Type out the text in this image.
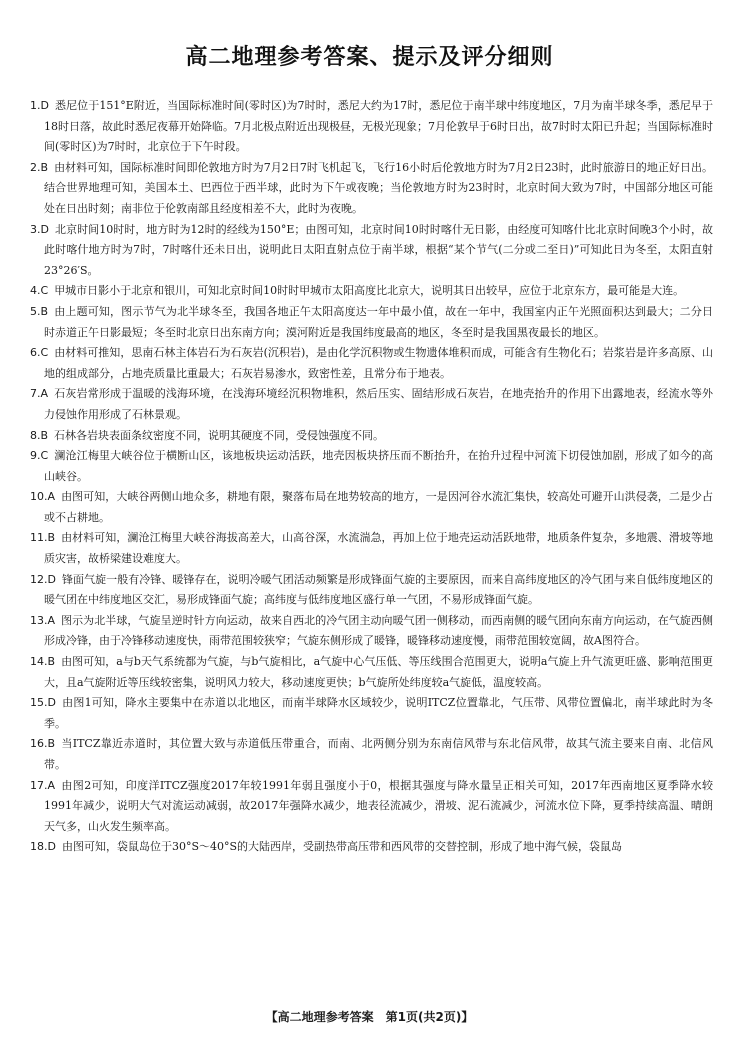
高二地理参考答案、提示及评分细则

1.D 悉尼位于151°E附近，当国际标准时间(零时区)为7时时，悉尼大约为17时，悉尼位于南半球中纬度地区，7月为南半球冬季，悉尼早于18时日落，故此时悉尼夜幕开始降临。7月北极点附近出现极昼，无极光现象；7月伦敦早于6时日出，故7时时太阳已升起；当国际标准时间(零时区)为7时时，北京位于下午时段。

2.B 由材料可知，国际标准时间即伦敦地方时为7月2日7时飞机起飞，飞行16小时后伦敦地方时为7月2日23时，此时旅游日的地正好日出。结合世界地理可知，美国本土、巴西位于西半球，此时为下午或夜晚；当伦敦地方时为23时时，北京时间大致为7时，中国部分地区可能处在日出时刻；南非位于伦敦南部且经度相差不大，此时为夜晚。

3.D 北京时间10时时，地方时为12时的经线为150°E；由图可知，北京时间10时时喀什无日影，由经度可知喀什比北京时间晚3个小时，故此时喀什地方时为7时，7时喀什还未日出，说明此日太阳直射点位于南半球，根据“某个节气(二分或二至日)”可知此日为冬至，太阳直射23°26′S。

4.C 甲城市日影小于北京和银川，可知北京时间10时时甲城市太阳高度比北京大，说明其日出较早，应位于北京东方，最可能是大连。

5.B 由上题可知，图示节气为北半球冬至，我国各地正午太阳高度达一年中最小值，故在一年中，我国室内正午光照面积达到最大；二分日时赤道正午日影最短；冬至时北京日出东南方向；漠河附近是我国纬度最高的地区，冬至时是我国黑夜最长的地区。

6.C 由材料可推知，思南石林主体岩石为石灰岩(沉积岩)，是由化学沉积物或生物遗体堆积而成，可能含有生物化石；岩浆岩是许多高原、山地的组成部分，占地壳质量比重最大；石灰岩易渗水，致密性差，且常分布于地表。

7.A 石灰岩常形成于温暖的浅海环境，在浅海环境经沉积物堆积，然后压实、固结形成石灰岩，在地壳抬升的作用下出露地表，经流水等外力侵蚀作用形成了石林景观。

8.B 石林各岩块表面条纹密度不同，说明其硬度不同，受侵蚀强度不同。

9.C 澜沧江梅里大峡谷位于横断山区，该地板块运动活跃，地壳因板块挤压而不断抬升，在抬升过程中河流下切侵蚀加剧，形成了如今的高山峡谷。

10.A 由图可知，大峡谷两侧山地众多，耕地有限，聚落布局在地势较高的地方，一是因河谷水流汇集快，较高处可避开山洪侵袭，二是少占或不占耕地。

11.B 由材料可知，澜沧江梅里大峡谷海拔高差大，山高谷深，水流湍急，再加上位于地壳运动活跃地带，地质条件复杂，多地震、滑坡等地质灾害，故桥梁建设难度大。

12.D 锋面气旋一般有冷锋、暖锋存在，说明冷暖气团活动频繁是形成锋面气旋的主要原因，而来自高纬度地区的冷气团与来自低纬度地区的暖气团在中纬度地区交汇，易形成锋面气旋；高纬度与低纬度地区盛行单一气团，不易形成锋面气旋。

13.A 图示为北半球，气旋呈逆时针方向运动，故来自西北的冷气团主动向暖气团一侧移动，而西南侧的暖气团向东南方向运动，在气旋西侧形成冷锋，由于冷锋移动速度快，雨带范围较狭窄；气旋东侧形成了暖锋，暖锋移动速度慢，雨带范围较宽阔，故A图符合。

14.B 由图可知，a与b天气系统都为气旋，与b气旋相比，a气旋中心气压低、等压线围合范围更大，说明a气旋上升气流更旺盛、影响范围更大，且a气旋附近等压线较密集，说明风力较大，移动速度更快；b气旋所处纬度较a气旋低，温度较高。

15.D 由图1可知，降水主要集中在赤道以北地区，而南半球降水区域较少，说明ITCZ位置靠北，气压带、风带位置偏北，南半球此时为冬季。

16.B 当ITCZ靠近赤道时，其位置大致与赤道低压带重合，而南、北两侧分别为东南信风带与东北信风带，故其气流主要来自南、北信风带。

17.A 由图2可知，印度洋ITCZ强度2017年较1991年弱且强度小于0，根据其强度与降水量呈正相关可知，2017年西南地区夏季降水较1991年减少，说明大气对流运动减弱，故2017年强降水减少，地表径流减少，滑坡、泥石流减少，河流水位下降，夏季持续高温、晴朗天气多，山火发生频率高。

18.D 由图可知，袋鼠岛位于30°S～40°S的大陆西岸，受副热带高压带和西风带的交替控制，形成了地中海气候，袋鼠岛

【高二地理参考答案　第1页(共2页)】
